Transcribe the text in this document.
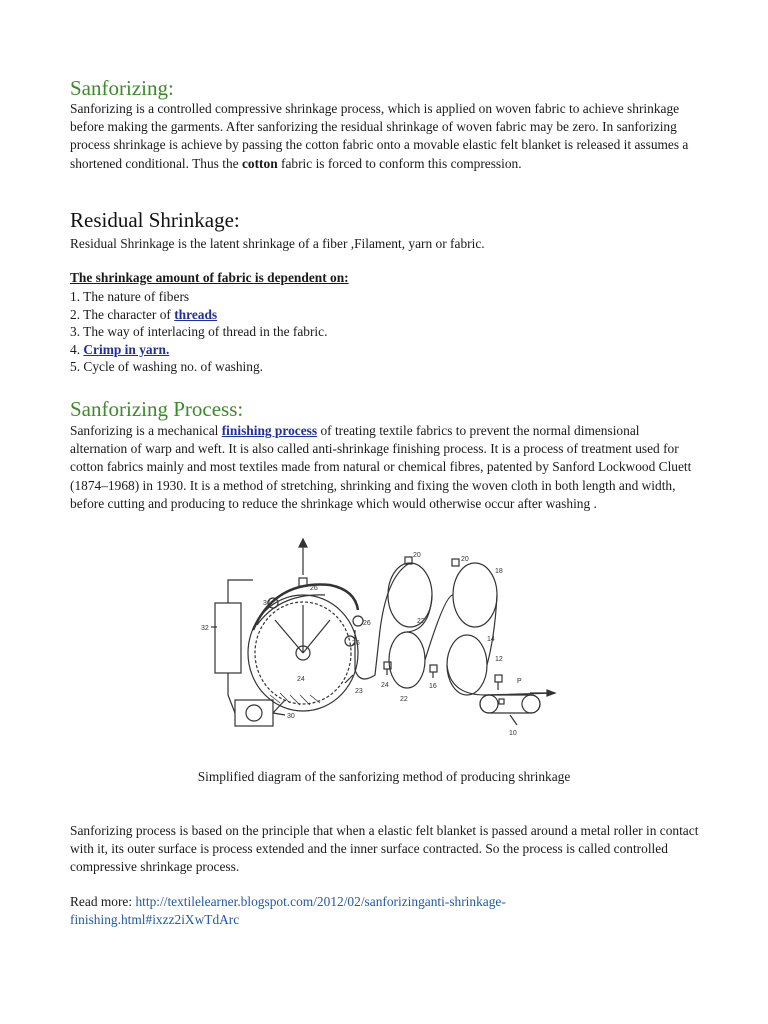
Sanforizing:

Sanforizing is a controlled compressive shrinkage process, which is applied on woven fabric to achieve shrinkage before making the garments. After sanforizing the residual shrinkage of woven fabric may be zero. In sanforizing process shrinkage is achieve by passing the cotton fabric onto a movable elastic felt blanket is released it assumes a shortened conditional. Thus the cotton fabric is forced to conform this compression.

Residual Shrinkage:

Residual Shrinkage is the latent shrinkage of a fiber ,Filament, yarn or fabric.

The shrinkage amount of fabric is dependent on:

1. The nature of fibers
2. The character of threads
3. The way of interlacing of thread in the fabric.
4. Crimp in yarn.
5. Cycle of washing no. of washing.
Sanforizing Process:

Sanforizing is a mechanical finishing process of treating textile fabrics to prevent the normal dimensional alternation of warp and weft. It is also called anti-shrinkage finishing process. It is a process of treatment used for cotton fabrics mainly and most textiles made from natural or chemical fibres, patented by Sanford Lockwood Cluett (1874–1968) in 1930. It is a method of stretching, shrinking and fixing the woven cloth in both length and width, before cutting and producing to reduce the shrinkage which would otherwise occur after washing .

32
30
26
36
26
24
24
23
26
22
22
20
20
18
16
14
12
P
10
Simplified diagram of the sanforizing method of producing shrinkage

Sanforizing process is based on the principle that when a elastic felt blanket is passed around a metal roller in contact with it, its outer surface is process extended and the inner surface contracted. So the process is called controlled compressive shrinkage process.

Read more: http://textilelearner.blogspot.com/2012/02/sanforizinganti-shrinkage-finishing.html#ixzz2iXwTdArc
